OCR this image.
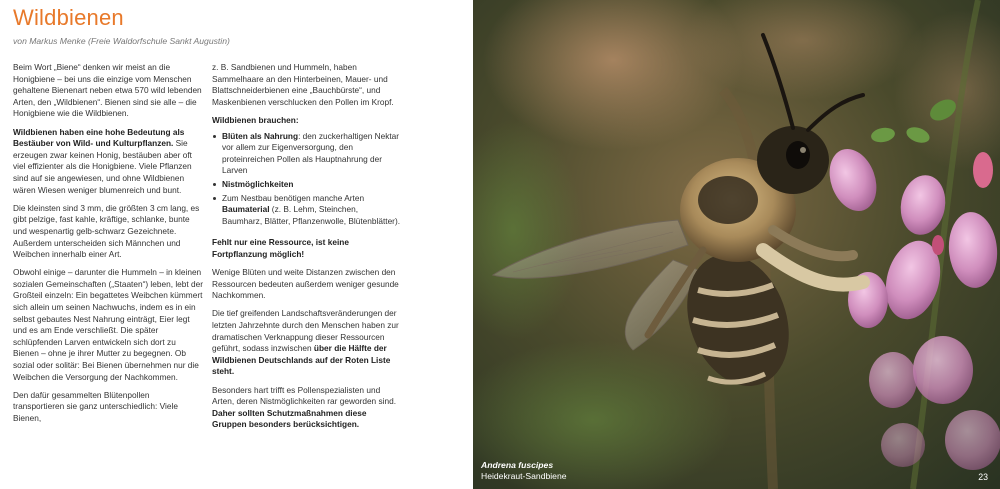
Wildbienen
von Markus Menke (Freie Waldorfschule Sankt Augustin)

Beim Wort „Biene“ denken wir meist an die Honigbiene – bei uns die einzige vom Menschen gehaltene Bienenart neben etwa 570 wild lebenden Arten, den „Wildbienen“. Bienen sind sie alle – die Honigbiene wie die Wildbienen.

Wildbienen haben eine hohe Bedeutung als Bestäuber von Wild- und Kulturpflanzen. Sie erzeugen zwar keinen Honig, bestäuben aber oft viel effizienter als die Honigbiene. Viele Pflanzen sind auf sie angewiesen, und ohne Wildbienen wären Wiesen weniger blumenreich und bunt.

Die kleinsten sind 3 mm, die größten 3 cm lang, es gibt pelzige, fast kahle, kräftige, schlanke, bunte und wespenartig gelb-schwarz Gezeichnete. Außerdem unterscheiden sich Männchen und Weibchen innerhalb einer Art.

Obwohl einige – darunter die Hummeln – in kleinen sozialen Gemeinschaften („Staaten“) leben, lebt der Großteil einzeln: Ein begattetes Weibchen kümmert sich allein um seinen Nachwuchs, indem es in ein selbst gebautes Nest Nahrung einträgt, Eier legt und es am Ende verschließt. Die später schlüpfenden Larven entwickeln sich dort zu Bienen – ohne je ihrer Mutter zu begegnen. Ob sozial oder solitär: Bei Bienen übernehmen nur die Weibchen die Versorgung der Nachkommen.

Den dafür gesammelten Blütenpollen transportieren sie ganz unterschiedlich: Viele Bienen,

z. B. Sandbienen und Hummeln, haben Sammelhaare an den Hinterbeinen, Mauer- und Blattschneiderbienen eine „Bauchbürste“, und Maskenbienen verschlucken den Pollen im Kropf.

Wildbienen brauchen:

Blüten als Nahrung: den zuckerhaltigen Nektar vor allem zur Eigenversorgung, den proteinreichen Pollen als Hauptnahrung der Larven
Nistmöglichkeiten
Zum Nestbau benötigen manche Arten Baumaterial (z. B. Lehm, Steinchen, Baumharz, Blätter, Pflanzenwolle, Blütenblätter).

Fehlt nur eine Ressource, ist keine Fortpflanzung möglich!

Wenige Blüten und weite Distanzen zwischen den Ressourcen bedeuten außerdem weniger gesunde Nachkommen.

Die tief greifenden Landschaftsveränderungen der letzten Jahrzehnte durch den Menschen haben zur dramatischen Verknappung dieser Ressourcen geführt, sodass inzwischen über die Hälfte der Wildbienen Deutschlands auf der Roten Liste steht.

Besonders hart trifft es Pollenspezialisten und Arten, deren Nistmöglichkeiten rar geworden sind. Daher sollten Schutzmaßnahmen diese Gruppen besonders berücksichtigen.

Andrena fuscipes
Heidekraut-Sandbiene	23
